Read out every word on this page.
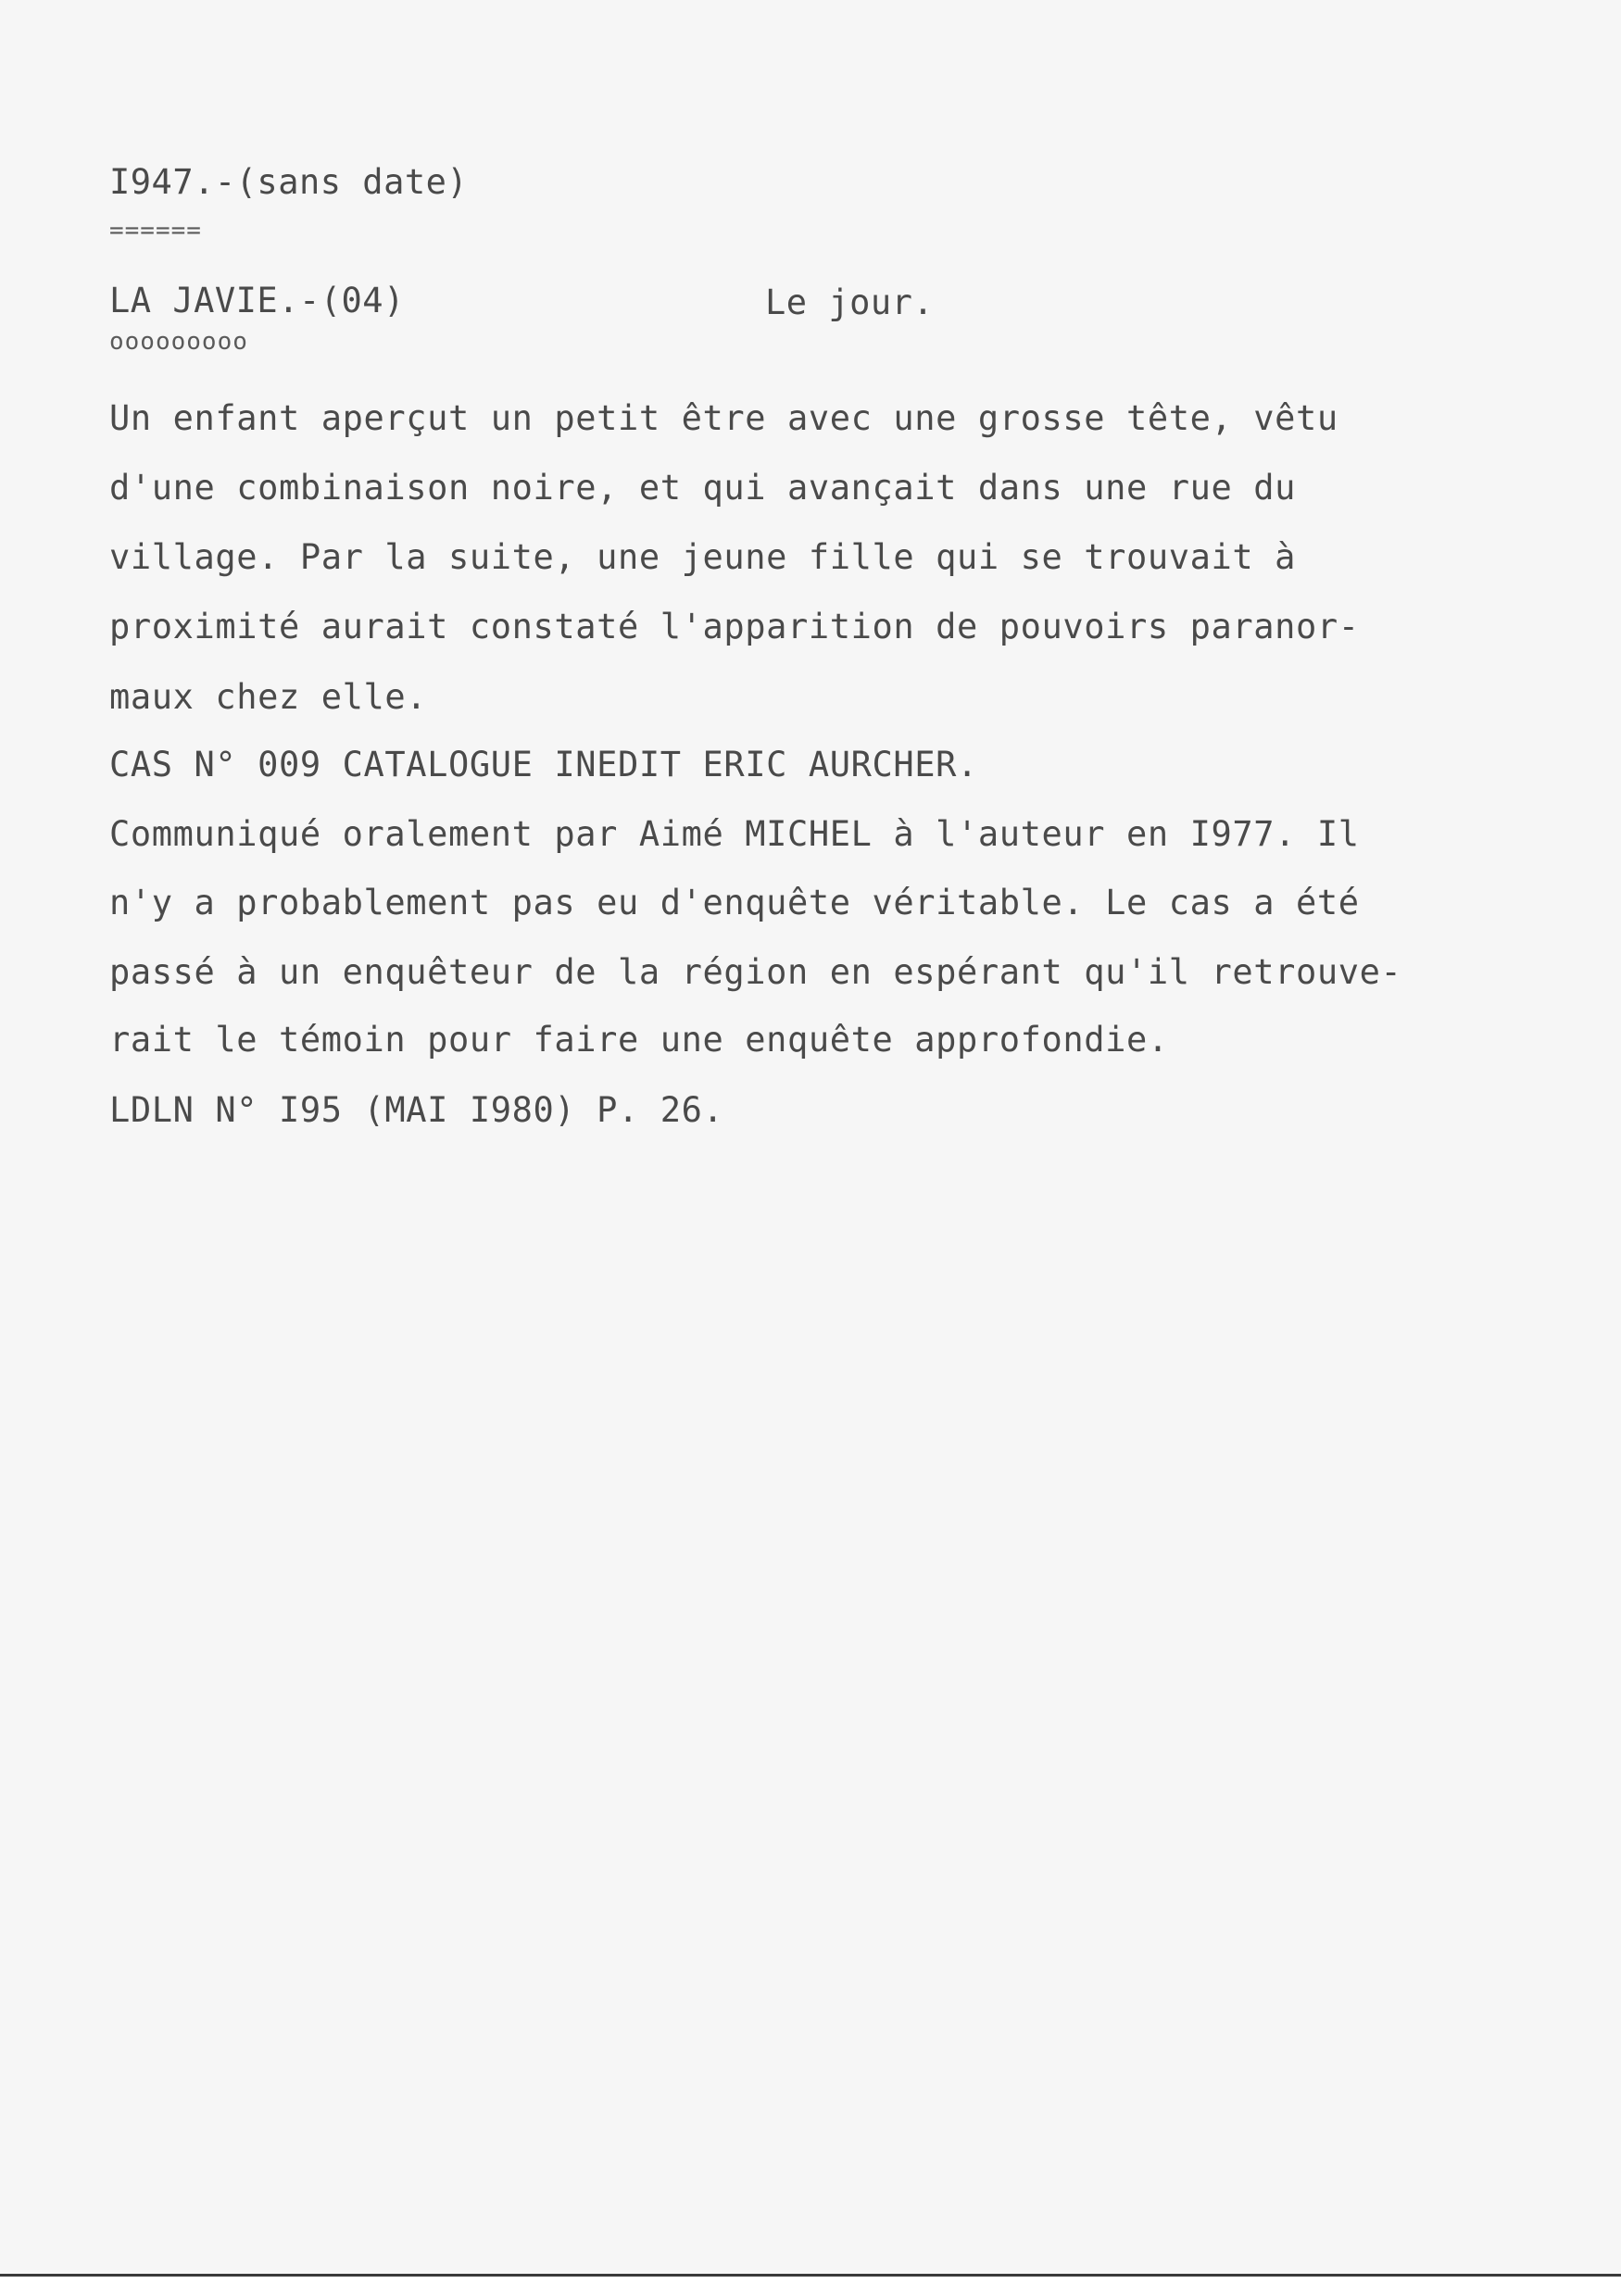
I947.-(sans date)
======
LA JAVIE.-(04)
ooooooooo
Le jour.
Un enfant aperçut un petit être avec une grosse tête, vêtu
d'une combinaison noire, et qui avançait dans une rue du
village. Par la suite, une jeune fille qui se trouvait à
proximité aurait constaté l'apparition de pouvoirs paranor-
maux chez elle.
CAS N° 009 CATALOGUE INEDIT ERIC AURCHER.
Communiqué oralement par Aimé MICHEL à l'auteur en I977. Il
n'y a probablement pas eu d'enquête véritable. Le cas a été
passé à un enquêteur de la région en espérant qu'il retrouve-
rait le témoin pour faire une enquête approfondie.
LDLN N° I95 (MAI I980) P. 26.
